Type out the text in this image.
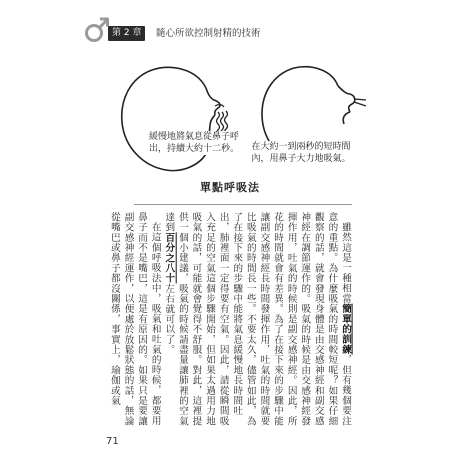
第 2 章	隨心所欲控制射精的技術
緩慢地將氣息從鼻子呼
出，持續大約十二秒。	在大約一到兩秒的短時間
內，用鼻子大力地吸氣。
單點呼吸法

雖然這是一種相當簡單的訓練，但有幾個要注意的重點。為什麼吸氣的時間較短呢？如果仔細觀察的話，就會發現身體是由交感神經和副交感神經在調節運作的。吸氣的時候是由交感神經發揮作用，吐氣的時候則是副交感神經。因此，所花的時間就會有差異。為了在接下來的步驟中能讓副交感神經長時間發揮作用，吐氣的時間就要比吸氣的時間長一些。不要太久，儘管如此，為了在接下來的步驟中能將氣息緩慢地長時間吐出，肺裡面一定得要有空氣。因此，請從瞬間吸入充足的空氣這個步驟開始，但如果太過用力地吸氣的話，可能就會覺得不舒服。對此，這裡提供一個小建議，吸氣的時候請盡量讓肺裡的空氣達到百分之八十左右就可以了。

在這個呼吸法中，吸氣和吐氣的時候，都要用鼻子而不是嘴巴，這是有原因的。如果只是要讓副交感神經運作，以便處於放鬆狀態的話，無論從嘴巴或鼻子都沒關係，事實上，瑜伽或氣

71
